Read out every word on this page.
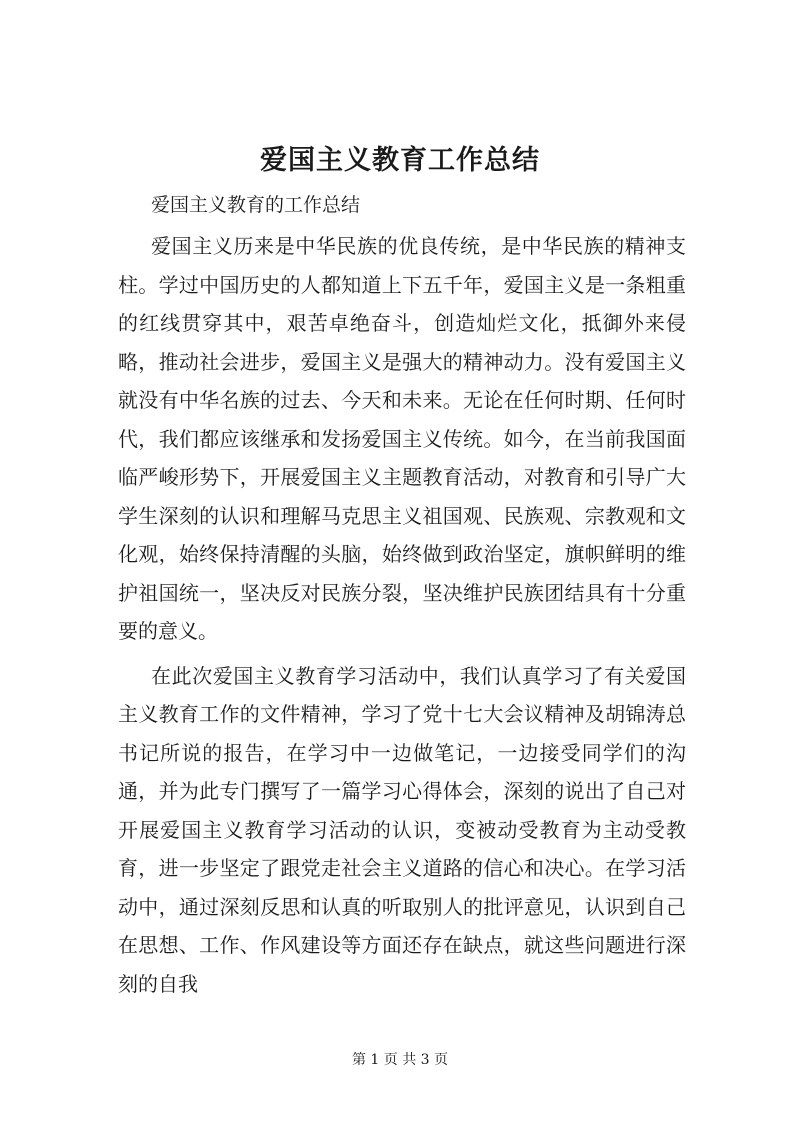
爱国主义教育工作总结

爱国主义教育的工作总结

爱国主义历来是中华民族的优良传统，是中华民族的精神支柱。学过中国历史的人都知道上下五千年，爱国主义是一条粗重的红线贯穿其中，艰苦卓绝奋斗，创造灿烂文化，抵御外来侵略，推动社会进步，爱国主义是强大的精神动力。没有爱国主义就没有中华名族的过去、今天和未来。无论在任何时期、任何时代，我们都应该继承和发扬爱国主义传统。如今，在当前我国面临严峻形势下，开展爱国主义主题教育活动，对教育和引导广大学生深刻的认识和理解马克思主义祖国观、民族观、宗教观和文化观，始终保持清醒的头脑，始终做到政治坚定，旗帜鲜明的维护祖国统一，坚决反对民族分裂，坚决维护民族团结具有十分重要的意义。

在此次爱国主义教育学习活动中，我们认真学习了有关爱国主义教育工作的文件精神，学习了党十七大会议精神及胡锦涛总书记所说的报告，在学习中一边做笔记，一边接受同学们的沟通，并为此专门撰写了一篇学习心得体会，深刻的说出了自己对开展爱国主义教育学习活动的认识，变被动受教育为主动受教育，进一步坚定了跟党走社会主义道路的信心和决心。在学习活动中，通过深刻反思和认真的听取别人的批评意见，认识到自己在思想、工作、作风建设等方面还存在缺点，就这些问题进行深刻的自我

第 1 页 共 3 页
